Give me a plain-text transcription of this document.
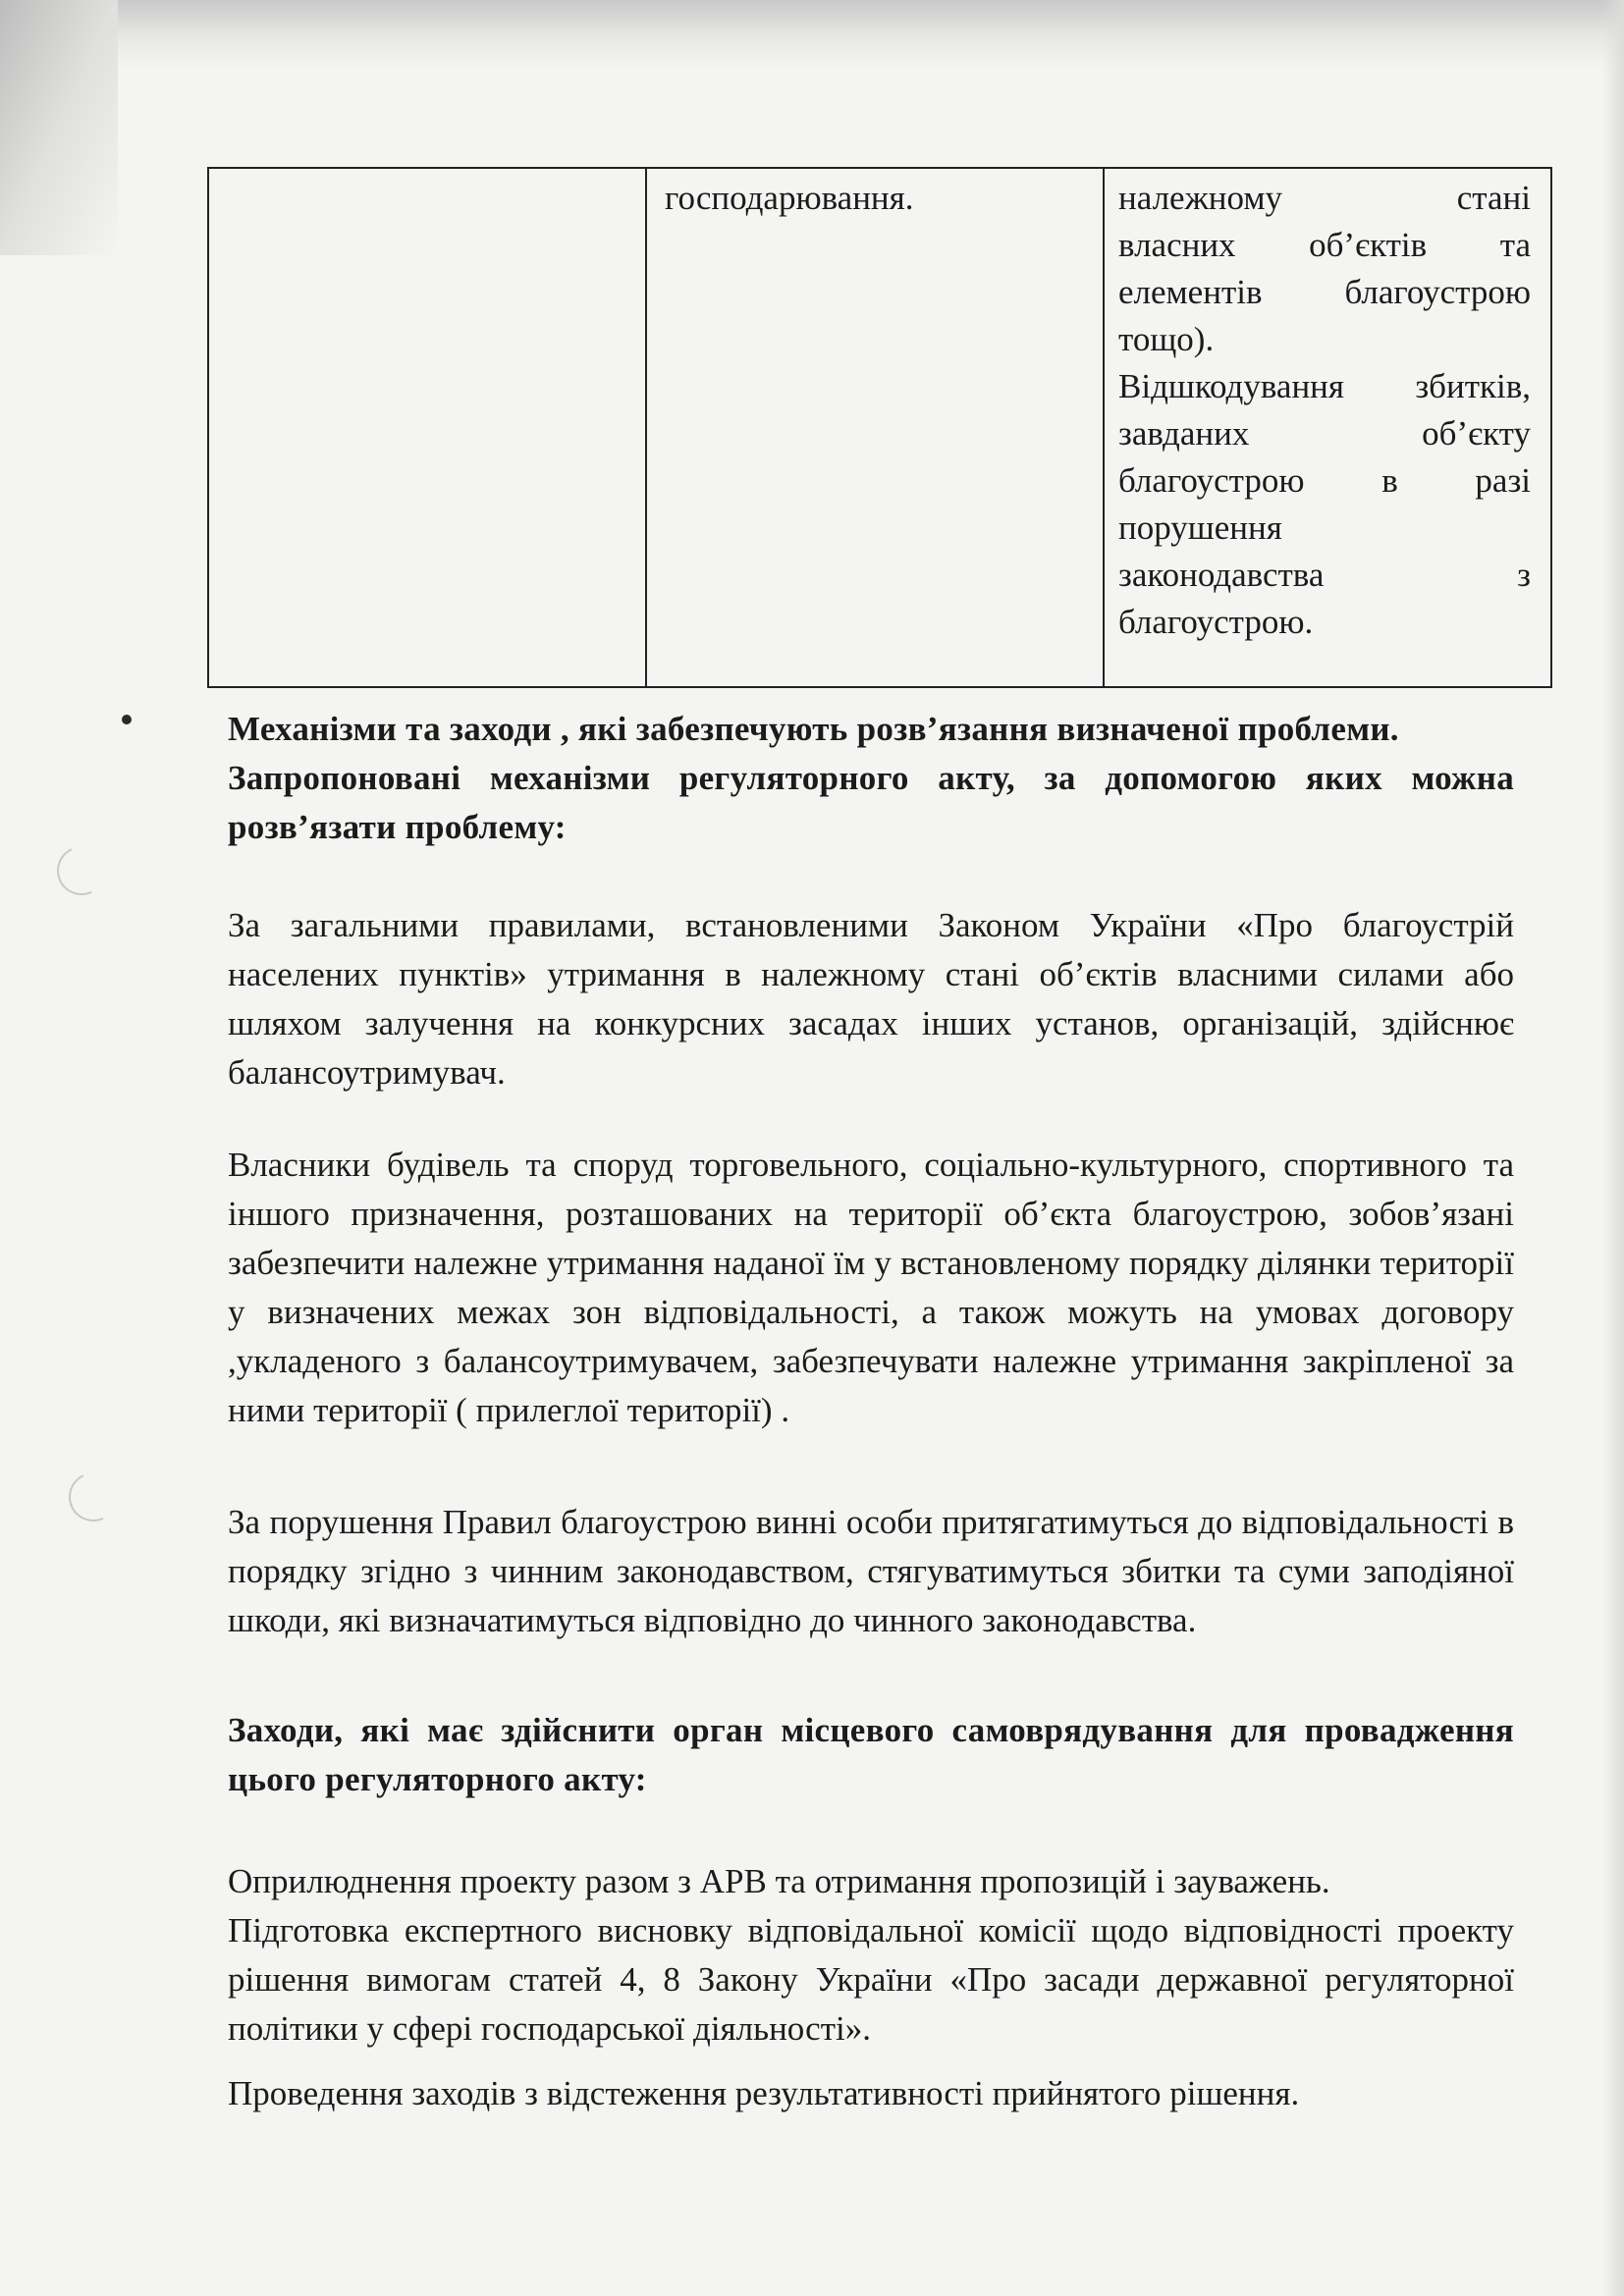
	господарювання.	належному стані
власних об’єктів та
елементів благоустрою
тощо).
Відшкодування збитків,
завданих об’єкту
благоустрою в разі
порушення
законодавства з
благоустрою.

Механізми та заходи , які забезпечують розв’язання визначеної проблеми.

Запропоновані механізми регуляторного акту, за допомогою яких можна розв’язати проблему:

За загальними правилами, встановленими Законом України «Про благоустрій населених пунктів» утримання в належному стані об’єктів власними силами або шляхом залучення на конкурсних засадах інших установ, організацій, здійснює балансоутримувач.

Власники будівель та споруд торговельного, соціально-культурного, спортивного та іншого призначення, розташованих на території об’єкта благоустрою, зобов’язані забезпечити належне утримання наданої їм у встановленому порядку ділянки території у визначених межах зон відповідальності, а також можуть на умовах договору ,укладеного з балансоутримувачем, забезпечувати належне утримання закріпленої за ними території ( прилеглої території) .

За порушення Правил благоустрою винні особи притягатимуться до відповідальності в порядку згідно з чинним законодавством, стягуватимуться збитки та суми заподіяної шкоди, які визначатимуться відповідно до чинного законодавства.

Заходи, які має здійснити орган місцевого самоврядування для провадження цього регуляторного акту:

Оприлюднення проекту разом з АРВ та отримання пропозицій і зауважень.

Підготовка експертного висновку відповідальної комісії щодо відповідності проекту рішення вимогам статей 4, 8 Закону України «Про засади державної регуляторної політики у сфері господарської діяльності».

Проведення заходів з відстеження результативності прийнятого рішення.
